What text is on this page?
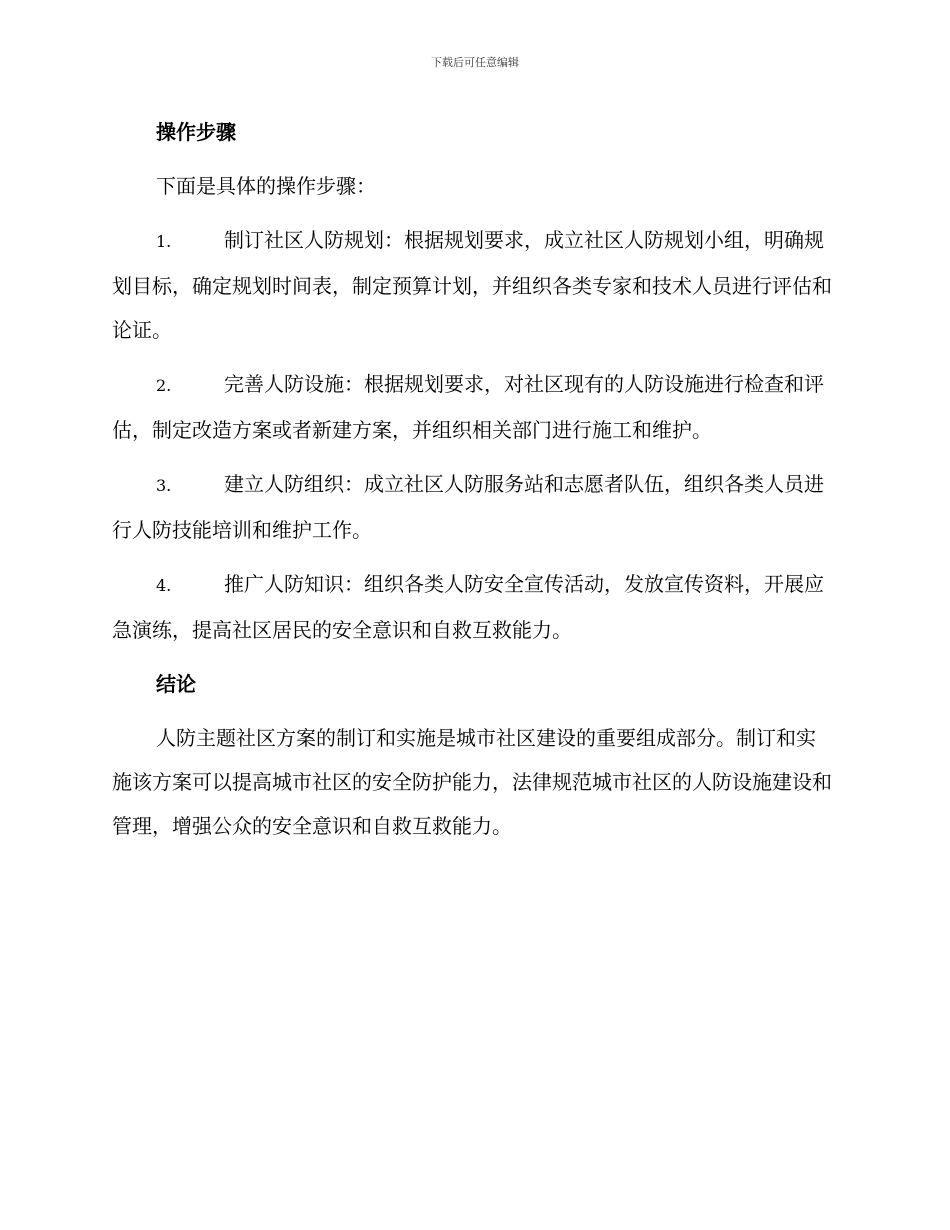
下载后可任意编辑
操作步骤
下面是具体的操作步骤：
1.	制订社区人防规划：根据规划要求，成立社区人防规划小组，明确规划目标，确定规划时间表，制定预算计划，并组织各类专家和技术人员进行评估和论证。
2.	完善人防设施：根据规划要求，对社区现有的人防设施进行检查和评估，制定改造方案或者新建方案，并组织相关部门进行施工和维护。
3.	建立人防组织：成立社区人防服务站和志愿者队伍，组织各类人员进行人防技能培训和维护工作。
4.	推广人防知识：组织各类人防安全宣传活动，发放宣传资料，开展应急演练，提高社区居民的安全意识和自救互救能力。
结论
人防主题社区方案的制订和实施是城市社区建设的重要组成部分。制订和实施该方案可以提高城市社区的安全防护能力，法律规范城市社区的人防设施建设和管理，增强公众的安全意识和自救互救能力。
